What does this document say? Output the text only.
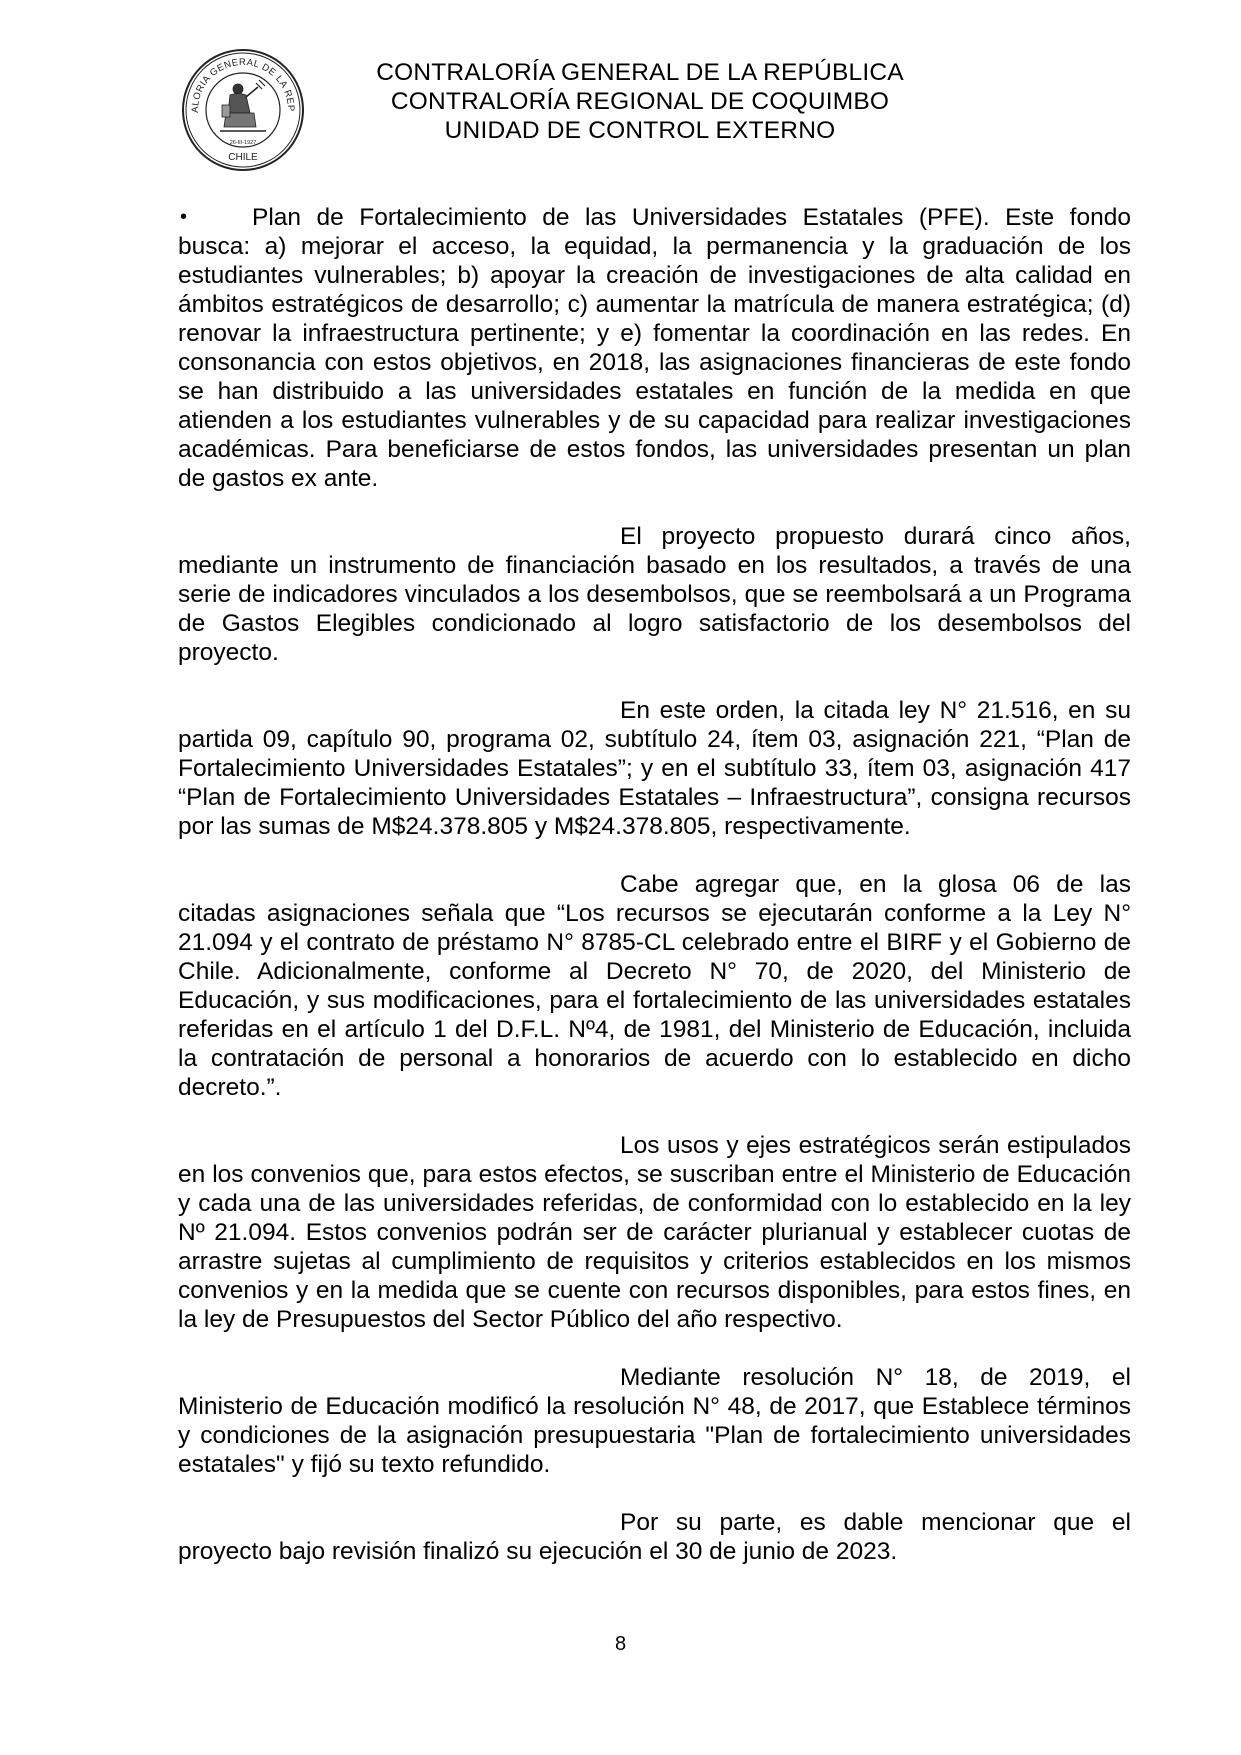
ALORIA GENERAL DE LA REP
CHILE
26-III-1927
CONTRALORÍA GENERAL DE LA REPÚBLICA
CONTRALORÍA REGIONAL DE COQUIMBO
UNIDAD DE CONTROL EXTERNO
•	Plan de Fortalecimiento de las Universidades Estatales (PFE). Este fondo busca: a) mejorar el acceso, la equidad, la permanencia y la graduación de los estudiantes vulnerables; b) apoyar la creación de investigaciones de alta calidad en ámbitos estratégicos de desarrollo; c) aumentar la matrícula de manera estratégica; (d) renovar la infraestructura pertinente; y e) fomentar la coordinación en las redes. En consonancia con estos objetivos, en 2018, las asignaciones financieras de este fondo se han distribuido a las universidades estatales en función de la medida en que atienden a los estudiantes vulnerables y de su capacidad para realizar investigaciones académicas. Para beneficiarse de estos fondos, las universidades presentan un plan de gastos ex ante.

El proyecto propuesto durará cinco años, mediante un instrumento de financiación basado en los resultados, a través de una serie de indicadores vinculados a los desembolsos, que se reembolsará a un Programa de Gastos Elegibles condicionado al logro satisfactorio de los desembolsos del proyecto.

En este orden, la citada ley N° 21.516, en su partida 09, capítulo 90, programa 02, subtítulo 24, ítem 03, asignación 221, “Plan de Fortalecimiento Universidades Estatales”; y en el subtítulo 33, ítem 03, asignación 417 “Plan de Fortalecimiento Universidades Estatales – Infraestructura”, consigna recursos por las sumas de M$24.378.805 y M$24.378.805, respectivamente.

Cabe agregar que, en la glosa 06 de las citadas asignaciones señala que “Los recursos se ejecutarán conforme a la Ley N° 21.094 y el contrato de préstamo N° 8785-CL celebrado entre el BIRF y el Gobierno de Chile. Adicionalmente, conforme al Decreto N° 70, de 2020, del Ministerio de Educación, y sus modificaciones, para el fortalecimiento de las universidades estatales referidas en el artículo 1 del D.F.L. Nº4, de 1981, del Ministerio de Educación, incluida la contratación de personal a honorarios de acuerdo con lo establecido en dicho decreto.”.

Los usos y ejes estratégicos serán estipulados en los convenios que, para estos efectos, se suscriban entre el Ministerio de Educación y cada una de las universidades referidas, de conformidad con lo establecido en la ley Nº 21.094. Estos convenios podrán ser de carácter plurianual y establecer cuotas de arrastre sujetas al cumplimiento de requisitos y criterios establecidos en los mismos convenios y en la medida que se cuente con recursos disponibles, para estos fines, en la ley de Presupuestos del Sector Público del año respectivo.

Mediante resolución N° 18, de 2019, el Ministerio de Educación modificó la resolución N° 48, de 2017, que Establece términos y condiciones de la asignación presupuestaria "Plan de fortalecimiento universidades estatales" y fijó su texto refundido.

Por su parte, es dable mencionar que el proyecto bajo revisión finalizó su ejecución el 30 de junio de 2023.

8
